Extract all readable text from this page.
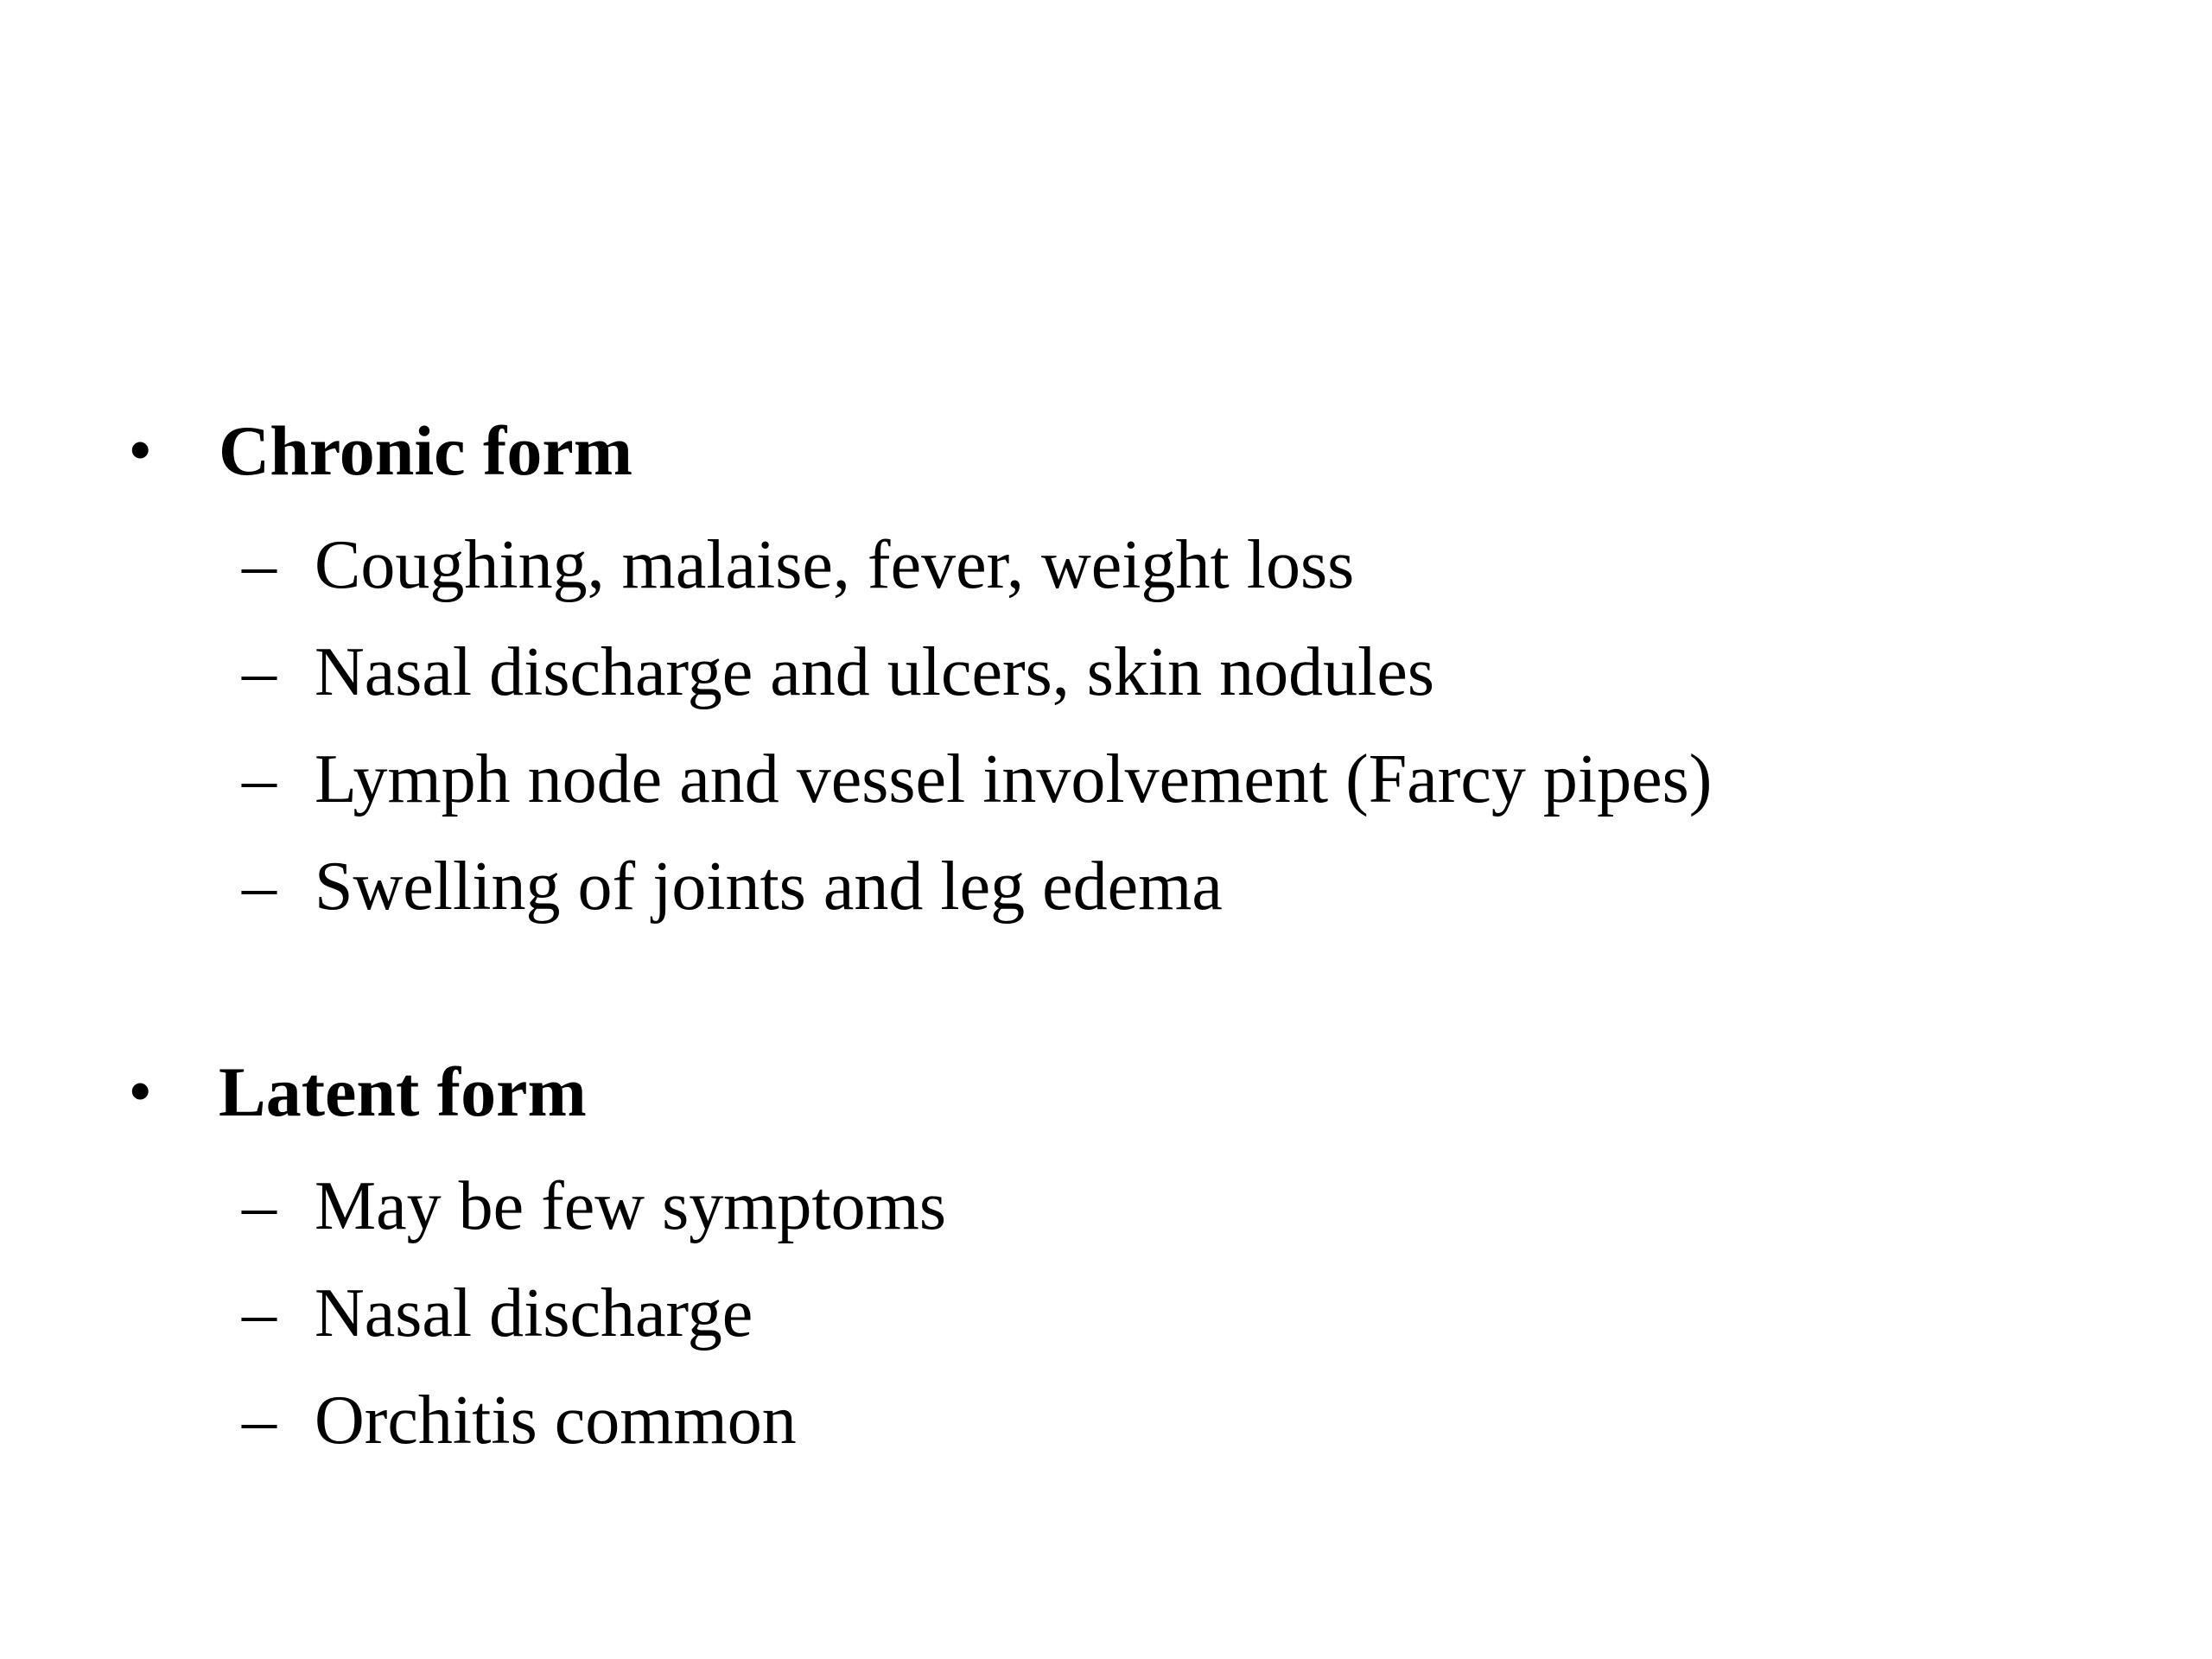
• Chronic form
– Coughing, malaise, fever, weight loss
– Nasal discharge and ulcers, skin nodules
– Lymph node and vessel involvement (Farcy pipes)
– Swelling of joints and leg edema
• Latent form
– May be few symptoms
– Nasal discharge
– Orchitis common
